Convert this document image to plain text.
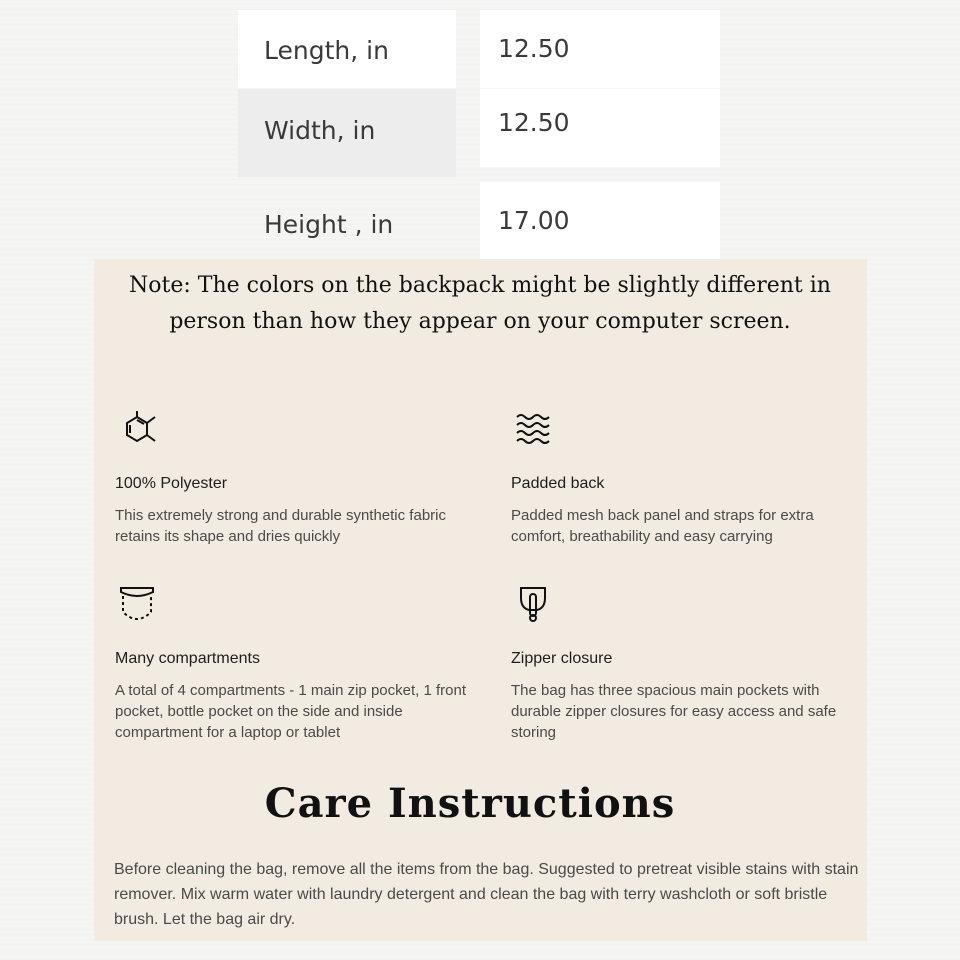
Length, in	12.50
Width, in	12.50
Height , in	17.00
Note: The colors on the backpack might be slightly different in
person than how they appear on your computer screen.
100% Polyester
This extremely strong and durable synthetic fabric retains its shape and dries quickly
Padded back
Padded mesh back panel and straps for extra comfort, breathability and easy carrying
Many compartments
A total of 4 compartments - 1 main zip pocket, 1 front pocket, bottle pocket on the side and inside compartment for a laptop or tablet
Zipper closure
The bag has three spacious main pockets with durable zipper closures for easy access and safe storing
Care Instructions
Before cleaning the bag, remove all the items from the bag. Suggested to pretreat visible stains with stain remover. Mix warm water with laundry detergent and clean the bag with terry washcloth or soft bristle brush. Let the bag air dry.
